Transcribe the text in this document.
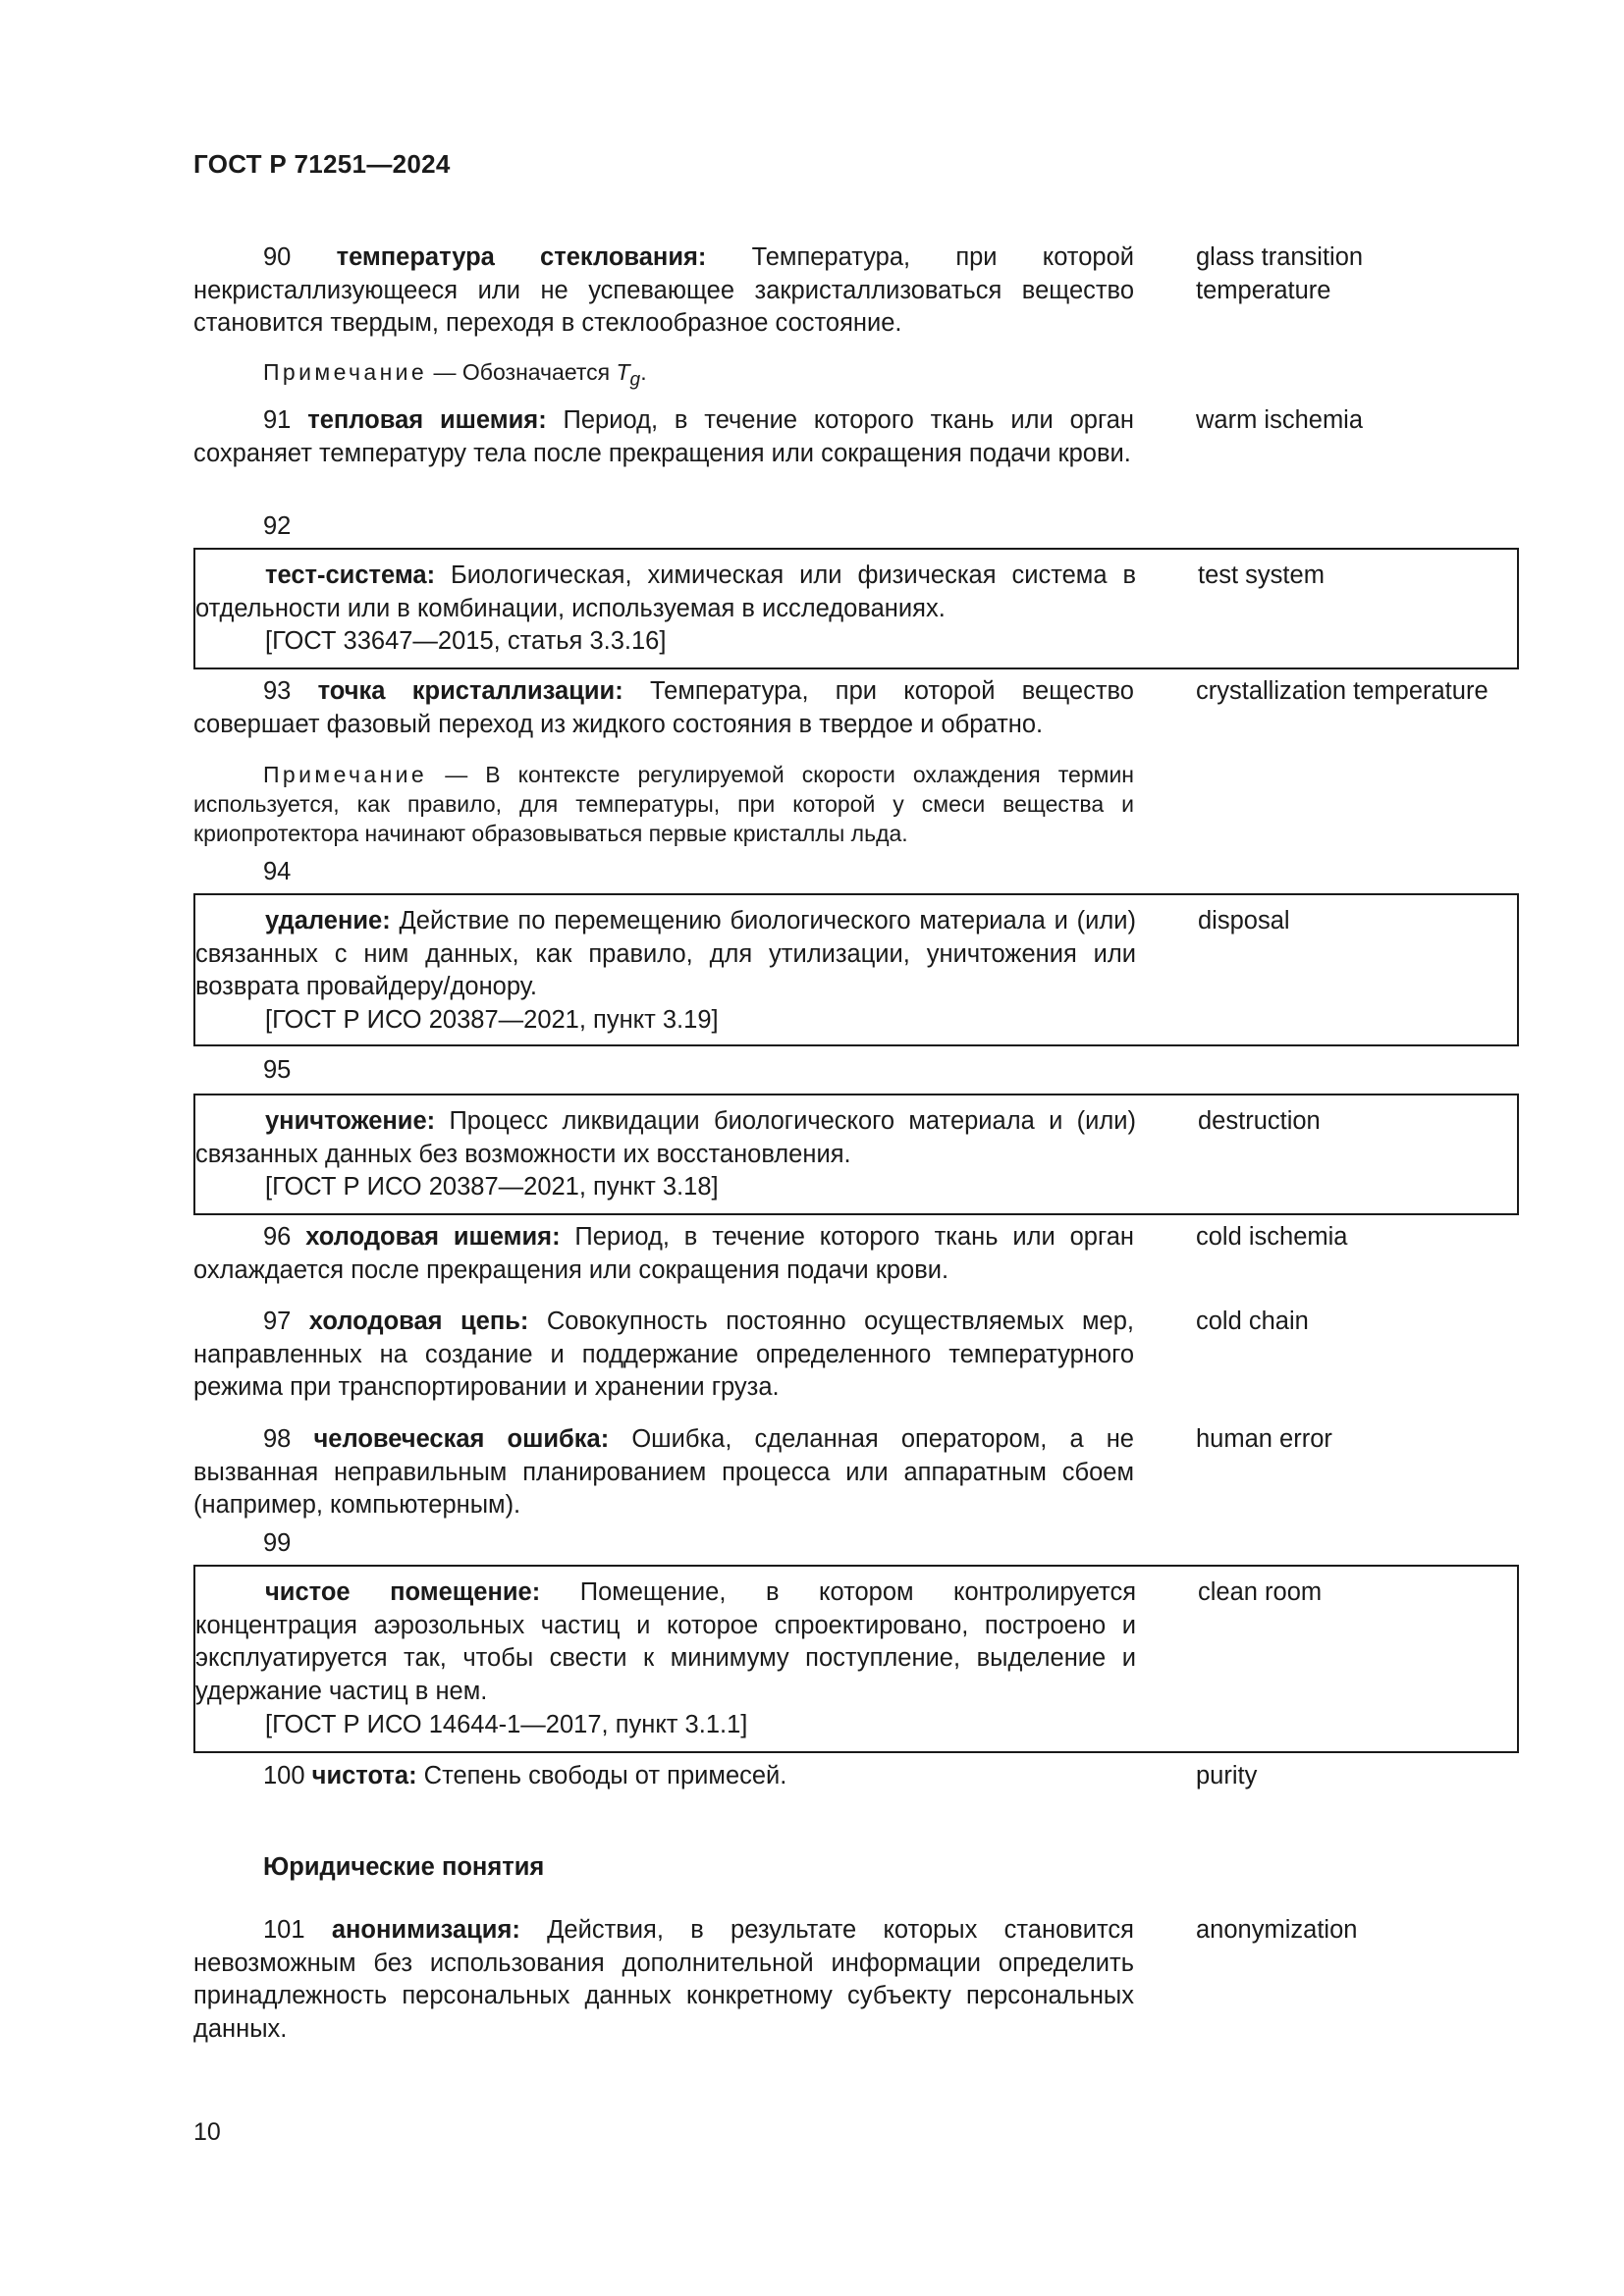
ГОСТ Р 71251—2024
90 температура стеклования: Температура, при которой некристаллизующееся или не успевающее закристаллизоваться вещество становится твердым, переходя в стеклообразное состояние.
glass transition temperature
Примечание — Обозначается $T_g$.
91 тепловая ишемия: Период, в течение которого ткань или орган сохраняет температуру тела после прекращения или сокращения подачи крови.
warm ischemia
92
тест-система: Биологическая, химическая или физическая система в отдельности или в комбинации, используемая в исследованиях.
[ГОСТ 33647—2015, статья 3.3.16]
test system
93 точка кристаллизации: Температура, при которой вещество совершает фазовый переход из жидкого состояния в твердое и обратно.
crystallization temperature
Примечание — В контексте регулируемой скорости охлаждения термин используется, как правило, для температуры, при которой у смеси вещества и криопротектора начинают образовываться первые кристаллы льда.
94
удаление: Действие по перемещению биологического материала и (или) связанных с ним данных, как правило, для утилизации, уничтожения или возврата провайдеру/донору.
[ГОСТ Р ИСО 20387—2021, пункт 3.19]
disposal
95
уничтожение: Процесс ликвидации биологического материала и (или) связанных данных без возможности их восстановления.
[ГОСТ Р ИСО 20387—2021, пункт 3.18]
destruction
96 холодовая ишемия: Период, в течение которого ткань или орган охлаждается после прекращения или сокращения подачи крови.
cold ischemia
97 холодовая цепь: Совокупность постоянно осуществляемых мер, направленных на создание и поддержание определенного температурного режима при транспортировании и хранении груза.
cold chain
98 человеческая ошибка: Ошибка, сделанная оператором, а не вызванная неправильным планированием процесса или аппаратным сбоем (например, компьютерным).
human error
99
чистое помещение: Помещение, в котором контролируется концентрация аэрозольных частиц и которое спроектировано, построено и эксплуатируется так, чтобы свести к минимуму поступление, выделение и удержание частиц в нем.
[ГОСТ Р ИСО 14644-1—2017, пункт 3.1.1]
clean room
100 чистота: Степень свободы от примесей.	purity
Юридические понятия
101 анонимизация: Действия, в результате которых становится невозможным без использования дополнительной информации определить принадлежность персональных данных конкретному субъекту персональных данных.
anonymization
10
